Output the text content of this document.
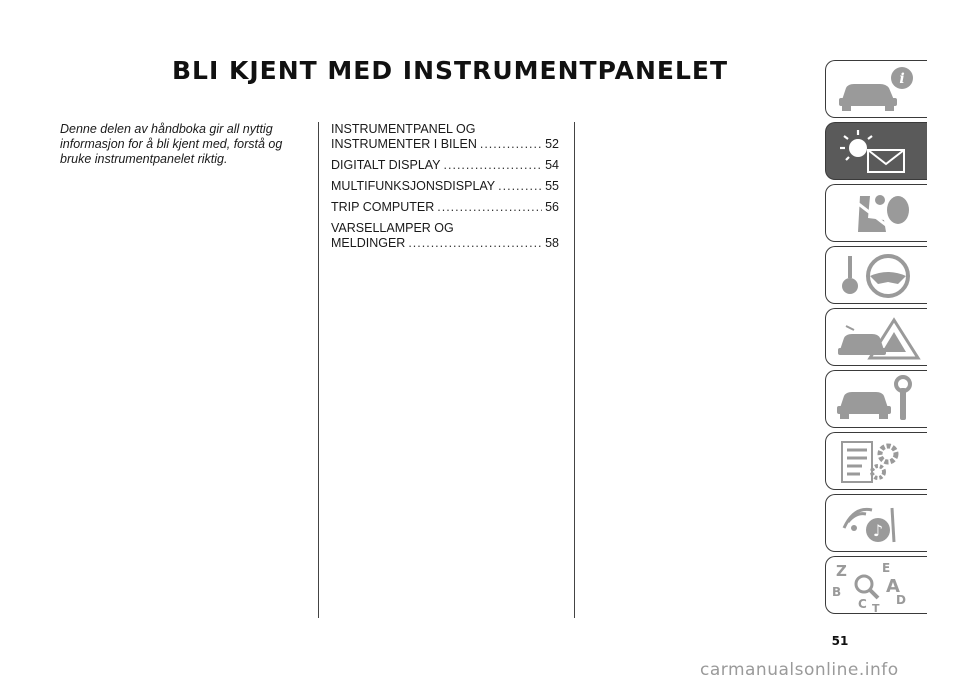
BLI KJENT MED INSTRUMENTPANELET
Denne delen av håndboka gir all nyttig informasjon for å bli kjent med, forstå og bruke instrumentpanelet riktig.
INSTRUMENTPANEL OG
INSTRUMENTER I BILEN .....	52
DIGITALT DISPLAY .....	54
MULTIFUNKSJONSDISPLAY .....	55
TRIP COMPUTER .....	56
VARSELLAMPER OG
MELDINGER .....	58
i
♪
Z	E
B A
C D
T
51
carmanualsonline.info
